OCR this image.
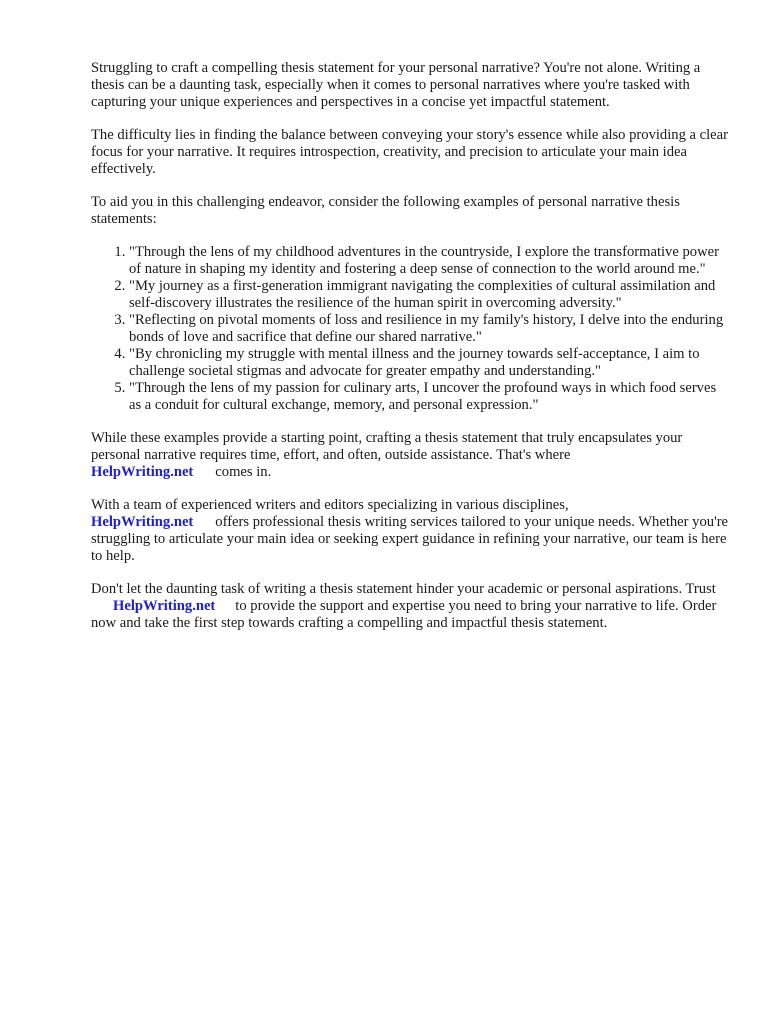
Struggling to craft a compelling thesis statement for your personal narrative? You're not alone. Writing a thesis can be a daunting task, especially when it comes to personal narratives where you're tasked with capturing your unique experiences and perspectives in a concise yet impactful statement.

The difficulty lies in finding the balance between conveying your story's essence while also providing a clear focus for your narrative. It requires introspection, creativity, and precision to articulate your main idea effectively.

To aid you in this challenging endeavor, consider the following examples of personal narrative thesis statements:

1. "Through the lens of my childhood adventures in the countryside, I explore the transformative power of nature in shaping my identity and fostering a deep sense of connection to the world around me."
2. "My journey as a first-generation immigrant navigating the complexities of cultural assimilation and self-discovery illustrates the resilience of the human spirit in overcoming adversity."
3. "Reflecting on pivotal moments of loss and resilience in my family's history, I delve into the enduring bonds of love and sacrifice that define our shared narrative."
4. "By chronicling my struggle with mental illness and the journey towards self-acceptance, I aim to challenge societal stigmas and advocate for greater empathy and understanding."
5. "Through the lens of my passion for culinary arts, I uncover the profound ways in which food serves as a conduit for cultural exchange, memory, and personal expression."

While these examples provide a starting point, crafting a thesis statement that truly encapsulates your personal narrative requires time, effort, and often, outside assistance. That's where
HelpWriting.net comes in.

With a team of experienced writers and editors specializing in various disciplines,
HelpWriting.net offers professional thesis writing services tailored to your unique needs. Whether you're struggling to articulate your main idea or seeking expert guidance in refining your narrative, our team is here to help.

Don't let the daunting task of writing a thesis statement hinder your academic or personal aspirations. TrustHelpWriting.net to provide the support and expertise you need to bring your narrative to life. Order now and take the first step towards crafting a compelling and impactful thesis statement.
